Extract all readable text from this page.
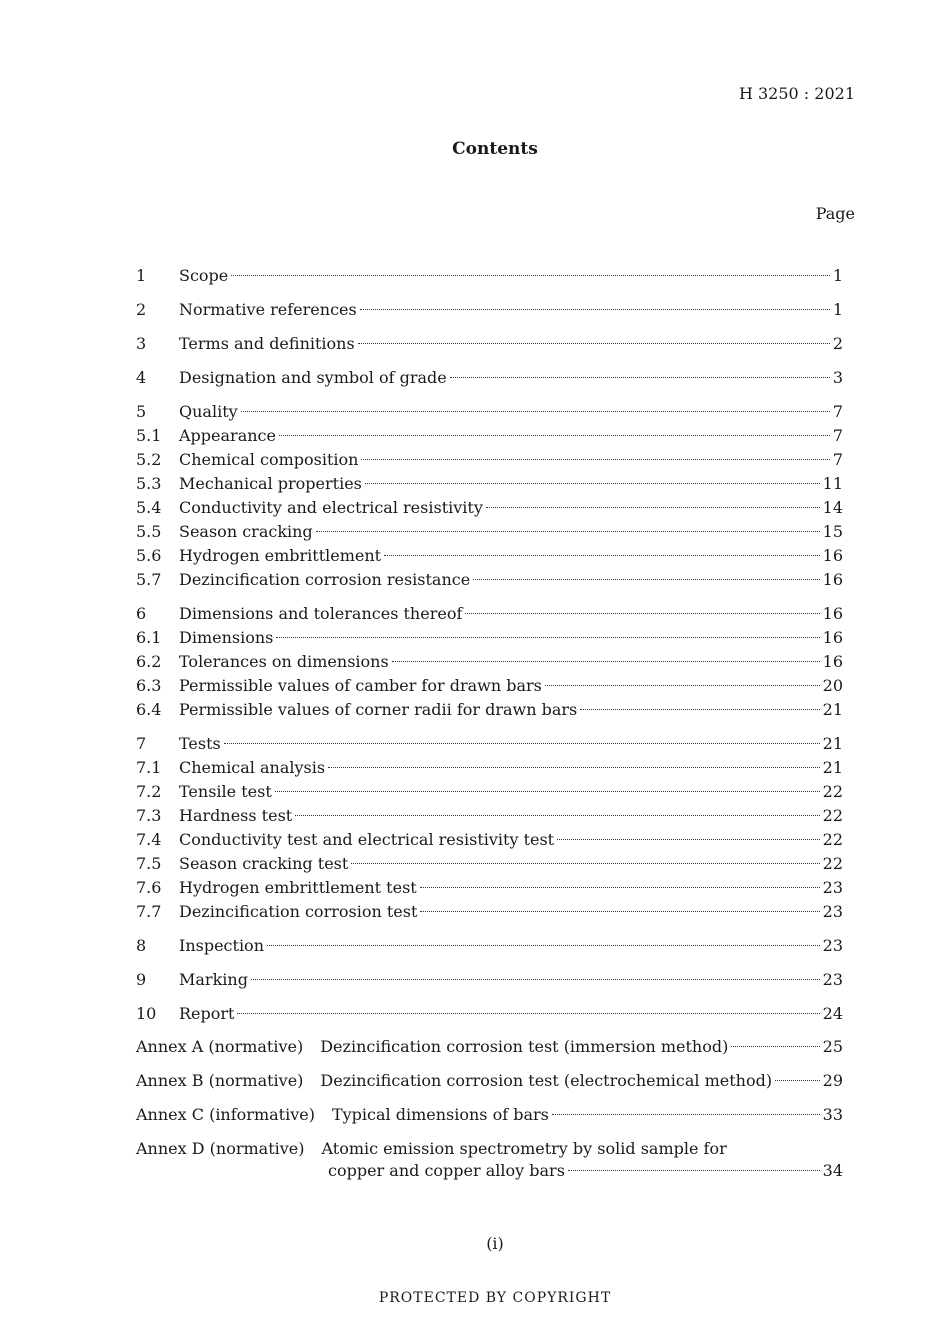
H 3250 : 2021
Contents
Page
1	Scope	1
2	Normative references	1
3	Terms and definitions	2
4	Designation and symbol of grade	3
5	Quality	7
5.1	Appearance	7
5.2	Chemical composition	7
5.3	Mechanical properties	11
5.4	Conductivity and electrical resistivity	14
5.5	Season cracking	15
5.6	Hydrogen embrittlement	16
5.7	Dezincification corrosion resistance	16
6	Dimensions and tolerances thereof	16
6.1	Dimensions	16
6.2	Tolerances on dimensions	16
6.3	Permissible values of camber for drawn bars	20
6.4	Permissible values of corner radii for drawn bars	21
7	Tests	21
7.1	Chemical analysis	21
7.2	Tensile test	22
7.3	Hardness test	22
7.4	Conductivity test and electrical resistivity test	22
7.5	Season cracking test	22
7.6	Hydrogen embrittlement test	23
7.7	Dezincification corrosion test	23
8	Inspection	23
9	Marking	23
10	Report	24
Annex A (normative) Dezincification corrosion test (immersion method)	25
Annex B (normative) Dezincification corrosion test (electrochemical method)	29
Annex C (informative) Typical dimensions of bars	33
Annex D (normative) Atomic emission spectrometry by solid sample for
copper and copper alloy bars	34
(i)
PROTECTED BY COPYRIGHT
